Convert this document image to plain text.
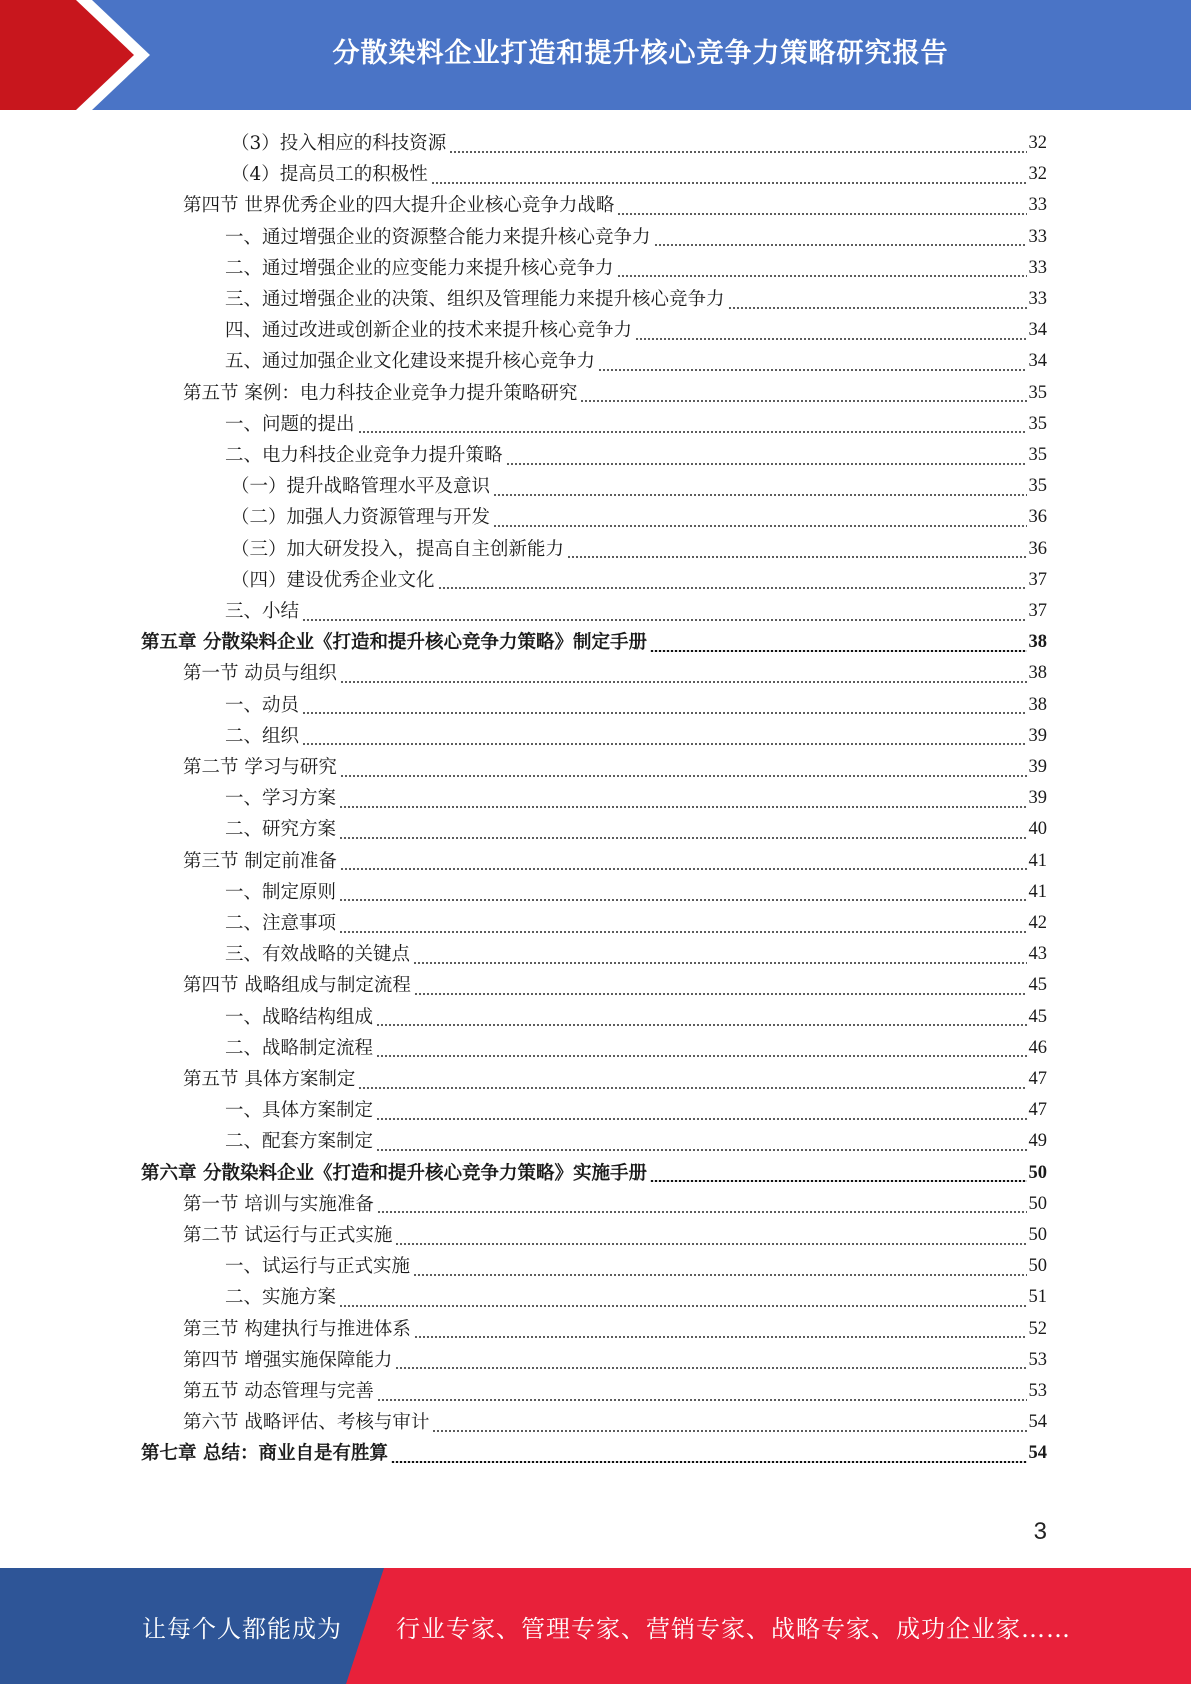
分散染料企业打造和提升核心竞争力策略研究报告
（3）投入相应的科技资源	32
（4）提高员工的积极性	32
第四节 世界优秀企业的四大提升企业核心竞争力战略	33
一、通过增强企业的资源整合能力来提升核心竞争力	33
二、通过增强企业的应变能力来提升核心竞争力	33
三、通过增强企业的决策、组织及管理能力来提升核心竞争力	33
四、通过改进或创新企业的技术来提升核心竞争力	34
五、通过加强企业文化建设来提升核心竞争力	34
第五节 案例：电力科技企业竞争力提升策略研究	35
一、问题的提出	35
二、电力科技企业竞争力提升策略	35
（一）提升战略管理水平及意识	35
（二）加强人力资源管理与开发	36
（三）加大研发投入，提高自主创新能力	36
（四）建设优秀企业文化	37
三、小结	37
第五章 分散染料企业《打造和提升核心竞争力策略》制定手册	38
第一节 动员与组织	38
一、动员	38
二、组织	39
第二节 学习与研究	39
一、学习方案	39
二、研究方案	40
第三节 制定前准备	41
一、制定原则	41
二、注意事项	42
三、有效战略的关键点	43
第四节 战略组成与制定流程	45
一、战略结构组成	45
二、战略制定流程	46
第五节 具体方案制定	47
一、具体方案制定	47
二、配套方案制定	49
第六章 分散染料企业《打造和提升核心竞争力策略》实施手册	50
第一节 培训与实施准备	50
第二节 试运行与正式实施	50
一、试运行与正式实施	50
二、实施方案	51
第三节 构建执行与推进体系	52
第四节 增强实施保障能力	53
第五节 动态管理与完善	53
第六节 战略评估、考核与审计	54
第七章 总结：商业自是有胜算	54
3
让每个人都能成为 行业专家、管理专家、营销专家、战略专家、成功企业家……
